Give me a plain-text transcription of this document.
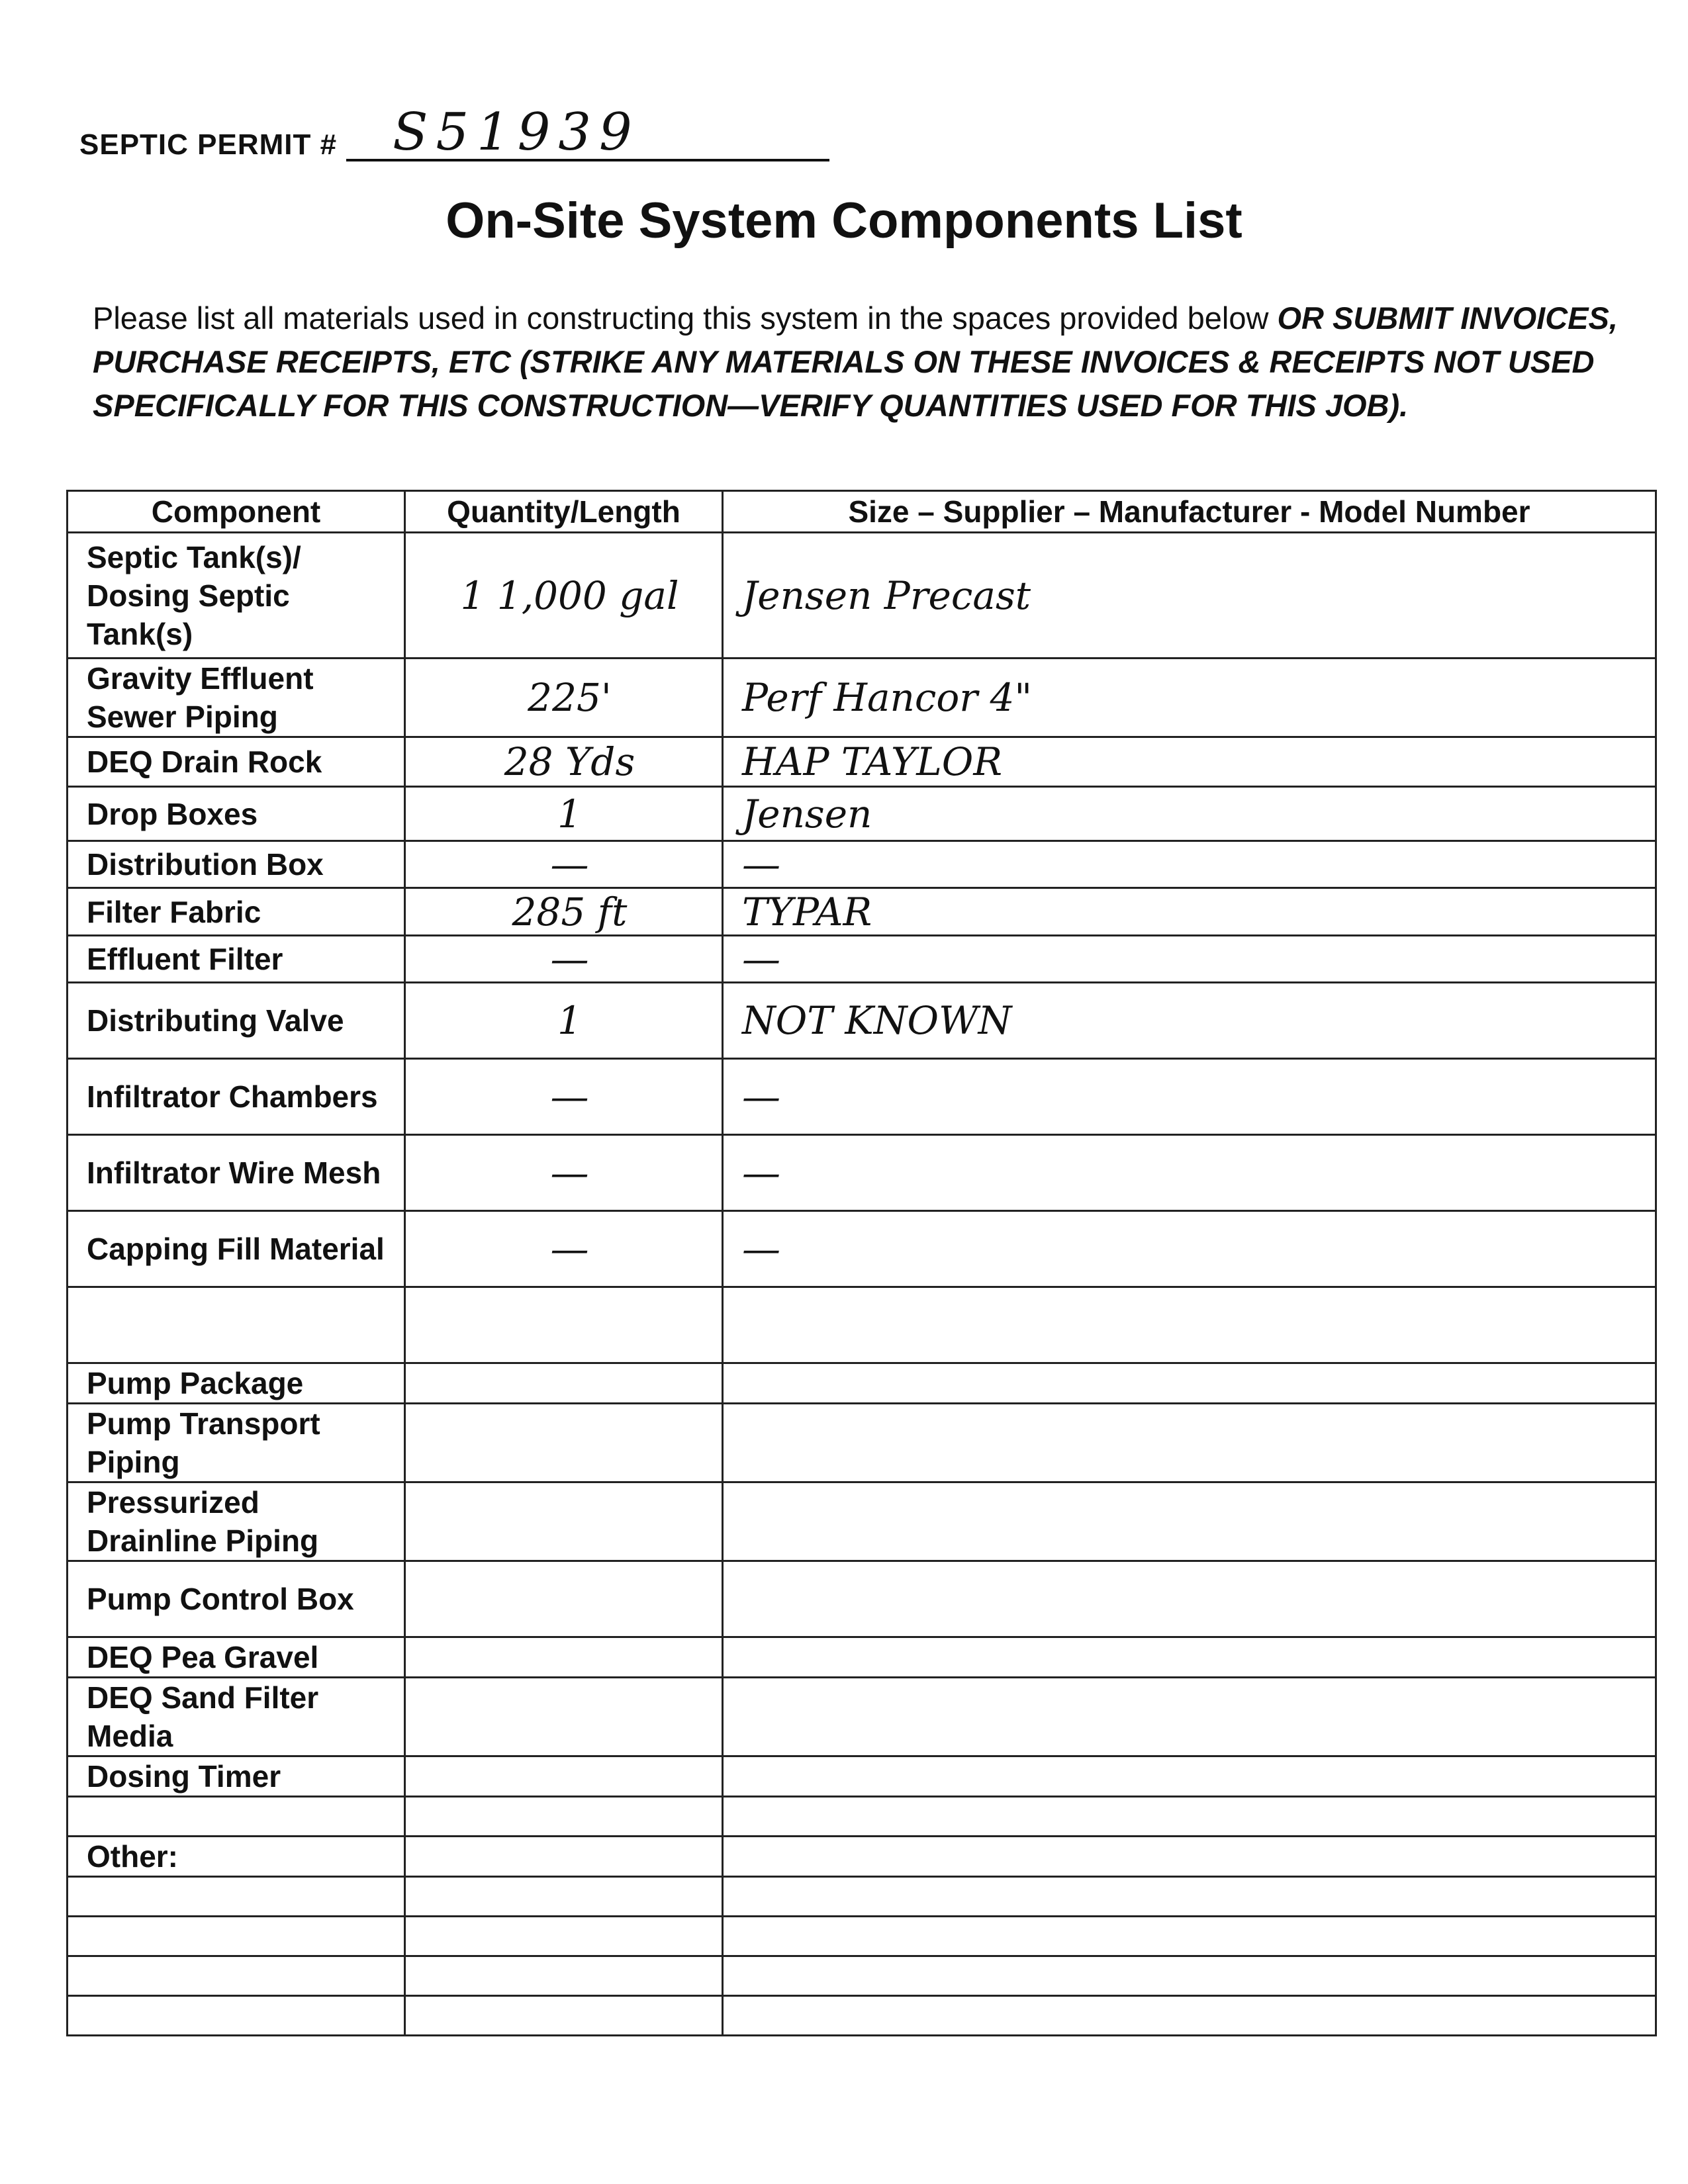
SEPTIC PERMIT #	S51939
On-Site System Components List
Please list all materials used in constructing this system in the spaces provided below OR SUBMIT INVOICES, PURCHASE RECEIPTS, ETC (STRIKE ANY MATERIALS ON THESE INVOICES & RECEIPTS NOT USED SPECIFICALLY FOR THIS CONSTRUCTION—VERIFY QUANTITIES USED FOR THIS JOB).
Component	Quantity/Length	Size – Supplier – Manufacturer - Model Number
Septic Tank(s)/ Dosing Septic Tank(s)	1 1,000 gal	Jensen Precast
Gravity Effluent Sewer Piping	225'	Perf Hancor 4"
DEQ Drain Rock	28 Yds	HAP TAYLOR
Drop Boxes	1	Jensen
Distribution Box	—	—
Filter Fabric	285 ft	TYPAR
Effluent Filter	—	—
Distributing Valve	1	NOT KNOWN
Infiltrator Chambers	—	—
Infiltrator Wire Mesh	—	—
Capping Fill Material	—	—

Pump Package		
Pump Transport Piping		
Pressurized Drainline Piping		
Pump Control Box		
DEQ Pea Gravel		
DEQ Sand Filter Media		
Dosing Timer		

Other:		
